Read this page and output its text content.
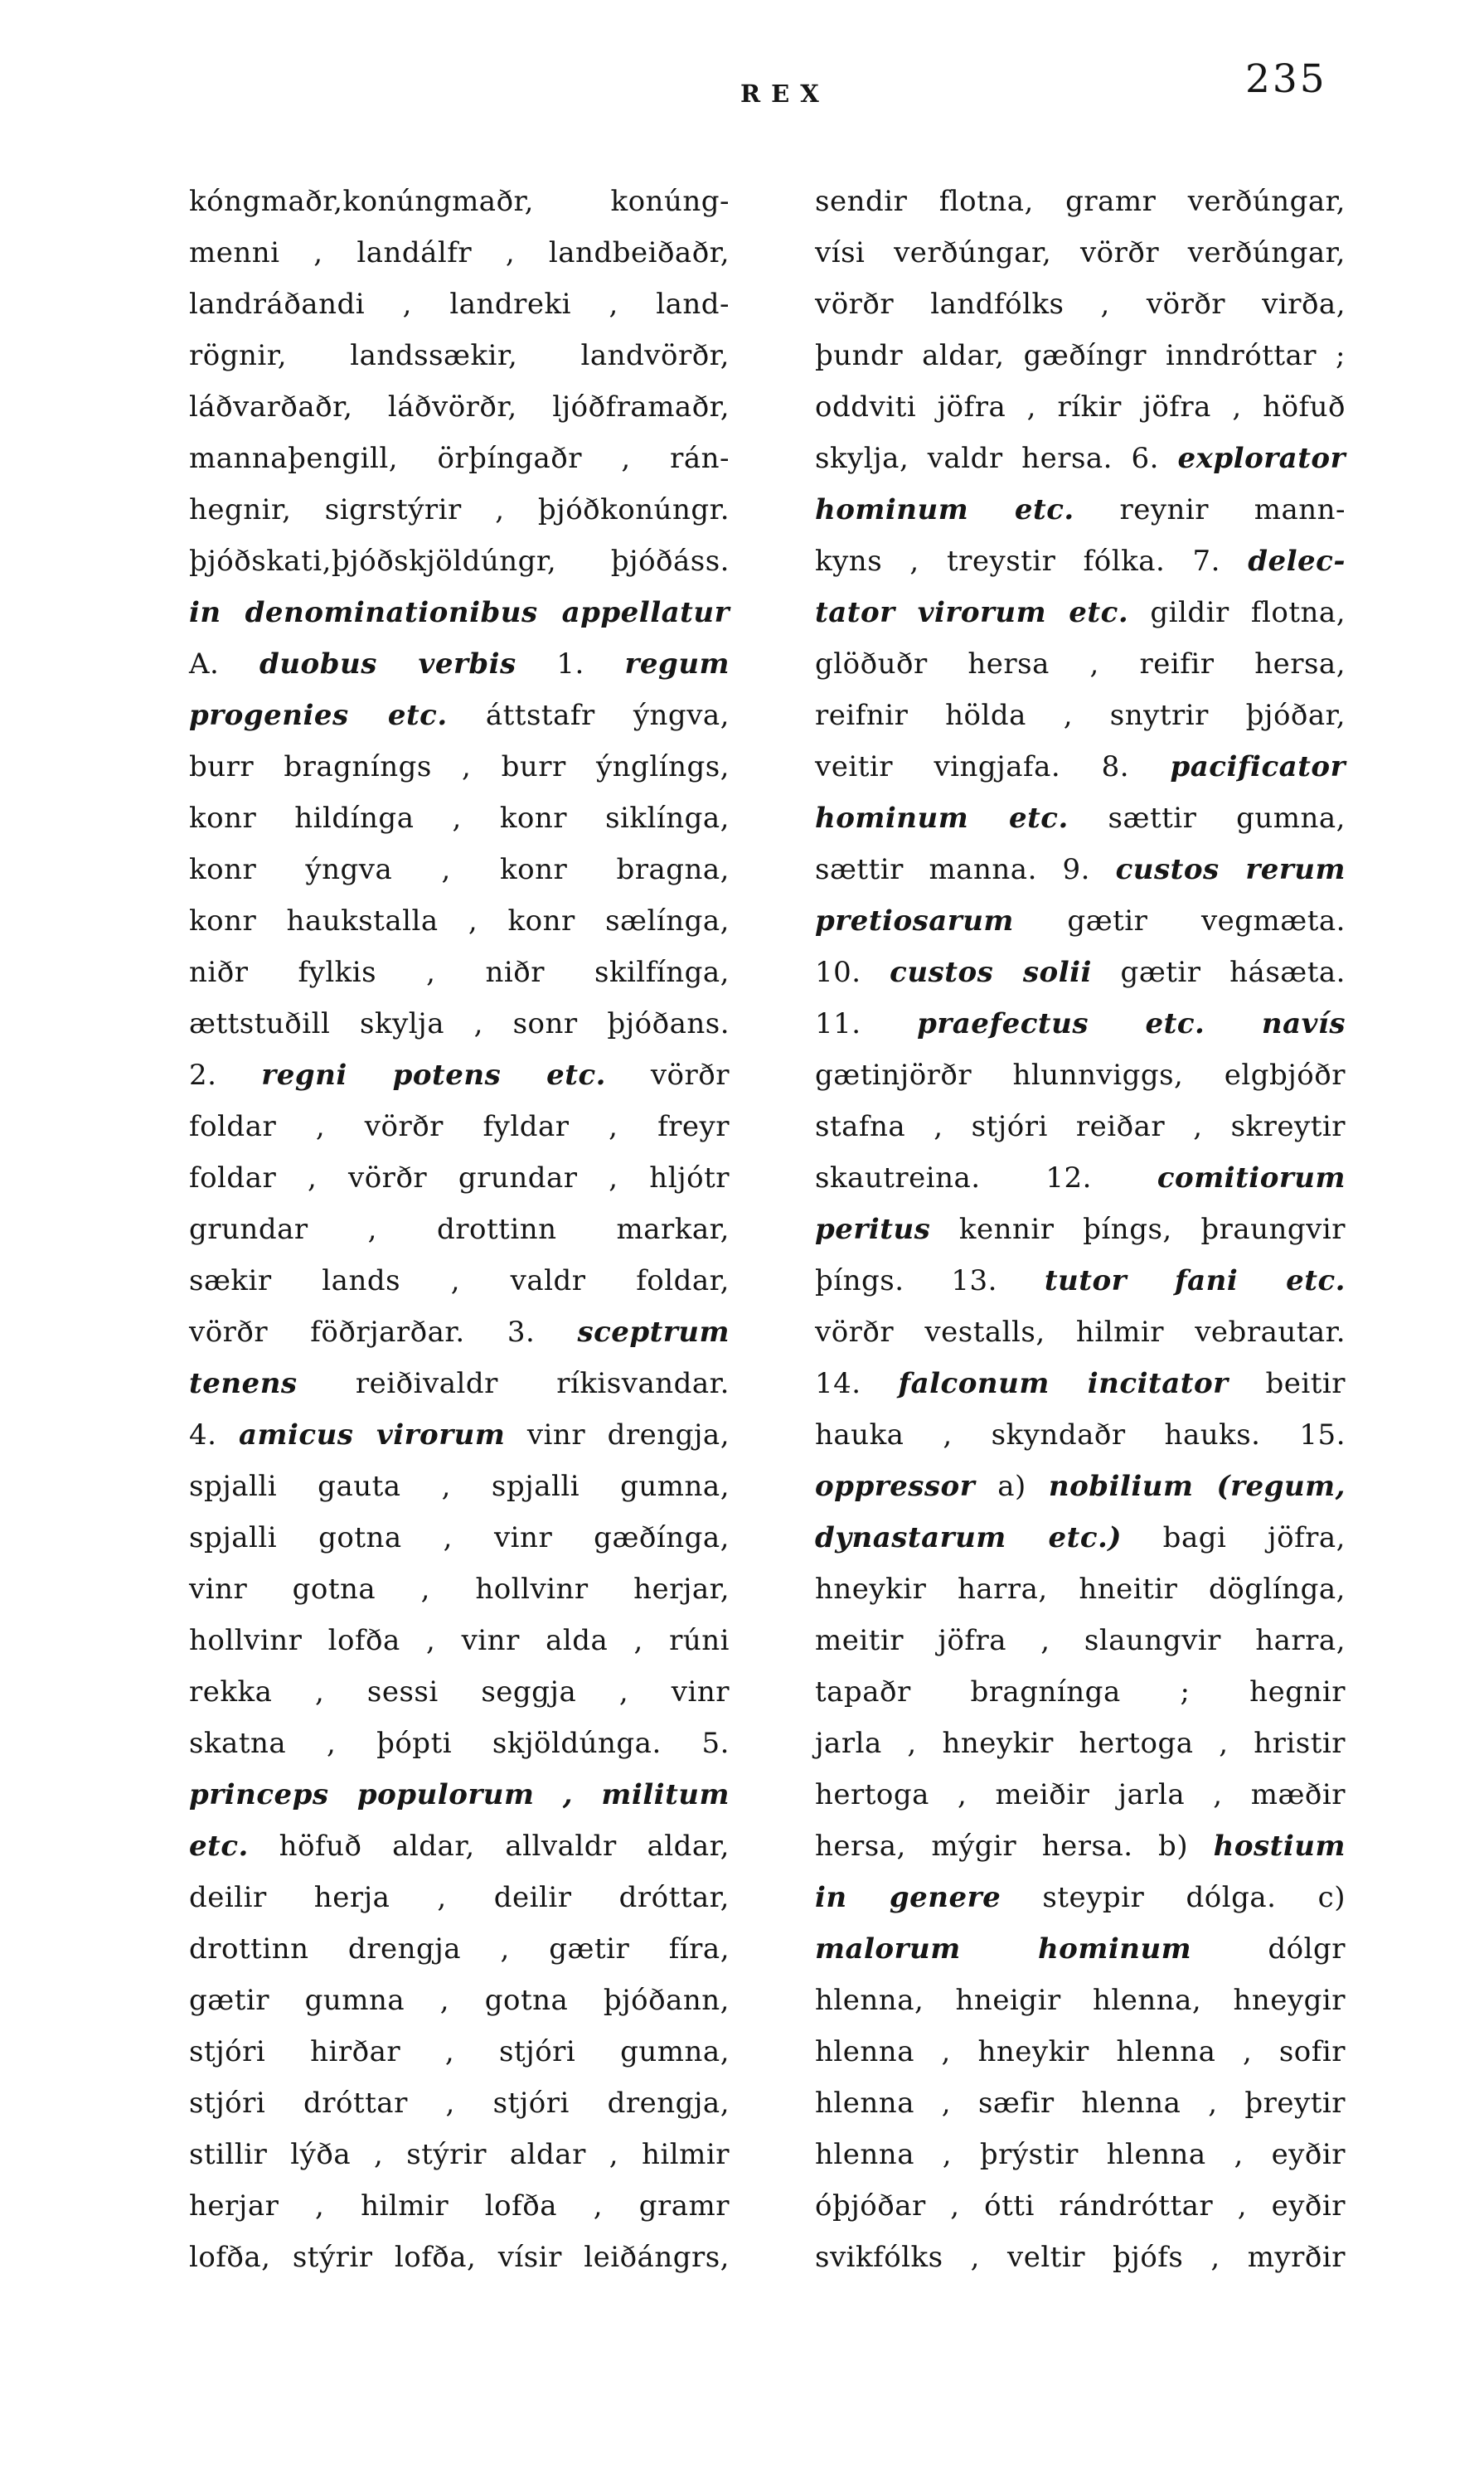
REX	235
kóngmaðr,konúngmaðr, konúng-
menni , landálfr , landbeiðaðr,
landráðandi , landreki , land-
rögnir, landssækir, landvörðr,
láðvarðaðr, láðvörðr, ljóðframaðr,
mannaþengill, örþíngaðr , rán-
hegnir, sigrstýrir , þjóðkonúngr.
þjóðskati,þjóðskjöldúngr, þjóðáss.
in denominationibus appellatur
A. duobus verbis 1. regum
progenies etc. áttstafr ýngva,
burr bragníngs , burr ýnglíngs,
konr hildínga , konr siklínga,
konr ýngva , konr bragna,
konr haukstalla , konr sælínga,
niðr fylkis , niðr skilfínga,
ættstuðill skylja , sonr þjóðans.
2. regni potens etc. vörðr
foldar , vörðr fyldar , freyr
foldar , vörðr grundar , hljótr
grundar , drottinn markar,
sækir lands , valdr foldar,
vörðr föðrjarðar. 3. sceptrum
tenens reiðivaldr ríkisvandar.
4. amicus virorum vinr drengja,
spjalli gauta , spjalli gumna,
spjalli gotna , vinr gæðínga,
vinr gotna , hollvinr herjar,
hollvinr lofða , vinr alda , rúni
rekka , sessi seggja , vinr
skatna , þópti skjöldúnga. 5.
princeps populorum , militum
etc. höfuð aldar, allvaldr aldar,
deilir herja , deilir dróttar,
drottinn drengja , gætir fíra,
gætir gumna , gotna þjóðann,
stjóri hirðar , stjóri gumna,
stjóri dróttar , stjóri drengja,
stillir lýða , stýrir aldar , hilmir
herjar , hilmir lofða , gramr
lofða, stýrir lofða, vísir leiðángrs,
sendir flotna, gramr verðúngar,
vísi verðúngar, vörðr verðúngar,
vörðr landfólks , vörðr virða,
þundr aldar, gæðíngr inndróttar ;
oddviti jöfra , ríkir jöfra , höfuð
skylja, valdr hersa. 6. explorator
hominum etc. reynir mann-
kyns , treystir fólka. 7. delec-
tator virorum etc. gildir flotna,
glöðuðr hersa , reifir hersa,
reifnir hölda , snytrir þjóðar,
veitir vingjafa. 8. pacificator
hominum etc. sættir gumna,
sættir manna. 9. custos rerum
pretiosarum gætir vegmæta.
10. custos solii gætir hásæta.
11. praefectus etc. navís
gætinjörðr hlunnviggs, elgbjóðr
stafna , stjóri reiðar , skreytir
skautreina. 12. comitiorum
peritus kennir þíngs, þraungvir
þíngs. 13. tutor fani etc.
vörðr vestalls, hilmir vebrautar.
14. falconum incitator beitir
hauka , skyndaðr hauks. 15.
oppressor a) nobilium (regum,
dynastarum etc.) bagi jöfra,
hneykir harra, hneitir döglínga,
meitir jöfra , slaungvir harra,
tapaðr bragnínga ; hegnir
jarla , hneykir hertoga , hristir
hertoga , meiðir jarla , mæðir
hersa, mýgir hersa. b) hostium
in genere steypir dólga. c)
malorum hominum dólgr
hlenna, hneigir hlenna, hneygir
hlenna , hneykir hlenna , sofir
hlenna , sæfir hlenna , þreytir
hlenna , þrýstir hlenna , eyðir
óþjóðar , ótti rándróttar , eyðir
svikfólks , veltir þjófs , myrðir
